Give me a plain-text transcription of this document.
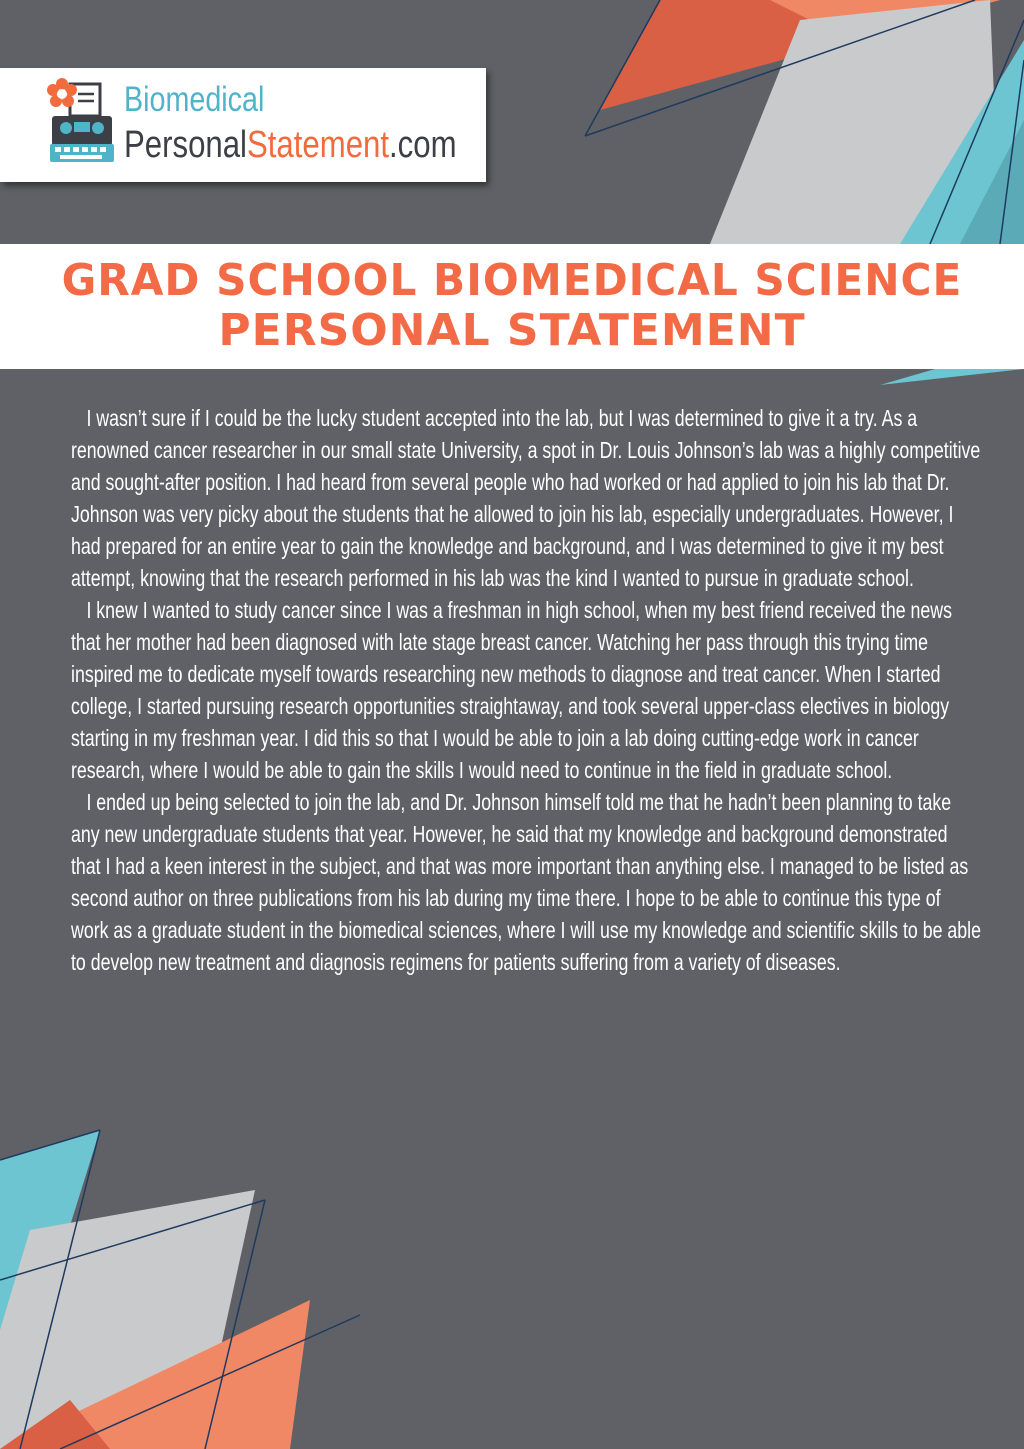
Biomedical
PersonalStatement.com
GRAD SCHOOL BIOMEDICAL SCIENCE
PERSONAL STATEMENT

I wasn’t sure if I could be the lucky student accepted into the lab, but I was determined to give it a try. As a renowned cancer researcher in our small state University, a spot in Dr. Louis Johnson’s lab was a highly competitive and sought-after position. I had heard from several people who had worked or had applied to join his lab that Dr. Johnson was very picky about the students that he allowed to join his lab, especially undergraduates. However, I had prepared for an entire year to gain the knowledge and background, and I was determined to give it my best attempt, knowing that the research performed in his lab was the kind I wanted to pursue in graduate school.

I knew I wanted to study cancer since I was a freshman in high school, when my best friend received the news that her mother had been diagnosed with late stage breast cancer. Watching her pass through this trying time inspired me to dedicate myself towards researching new methods to diagnose and treat cancer. When I started college, I started pursuing research opportunities straightaway, and took several upper-class electives in biology starting in my freshman year. I did this so that I would be able to join a lab doing cutting-edge work in cancer research, where I would be able to gain the skills I would need to continue in the field in graduate school.

I ended up being selected to join the lab, and Dr. Johnson himself told me that he hadn’t been planning to take any new undergraduate students that year. However, he said that my knowledge and background demonstrated that I had a keen interest in the subject, and that was more important than anything else. I managed to be listed as second author on three publications from his lab during my time there. I hope to be able to continue this type of work as a graduate student in the biomedical sciences, where I will use my knowledge and scientific skills to be able to develop new treatment and diagnosis regimens for patients suffering from a variety of diseases.
